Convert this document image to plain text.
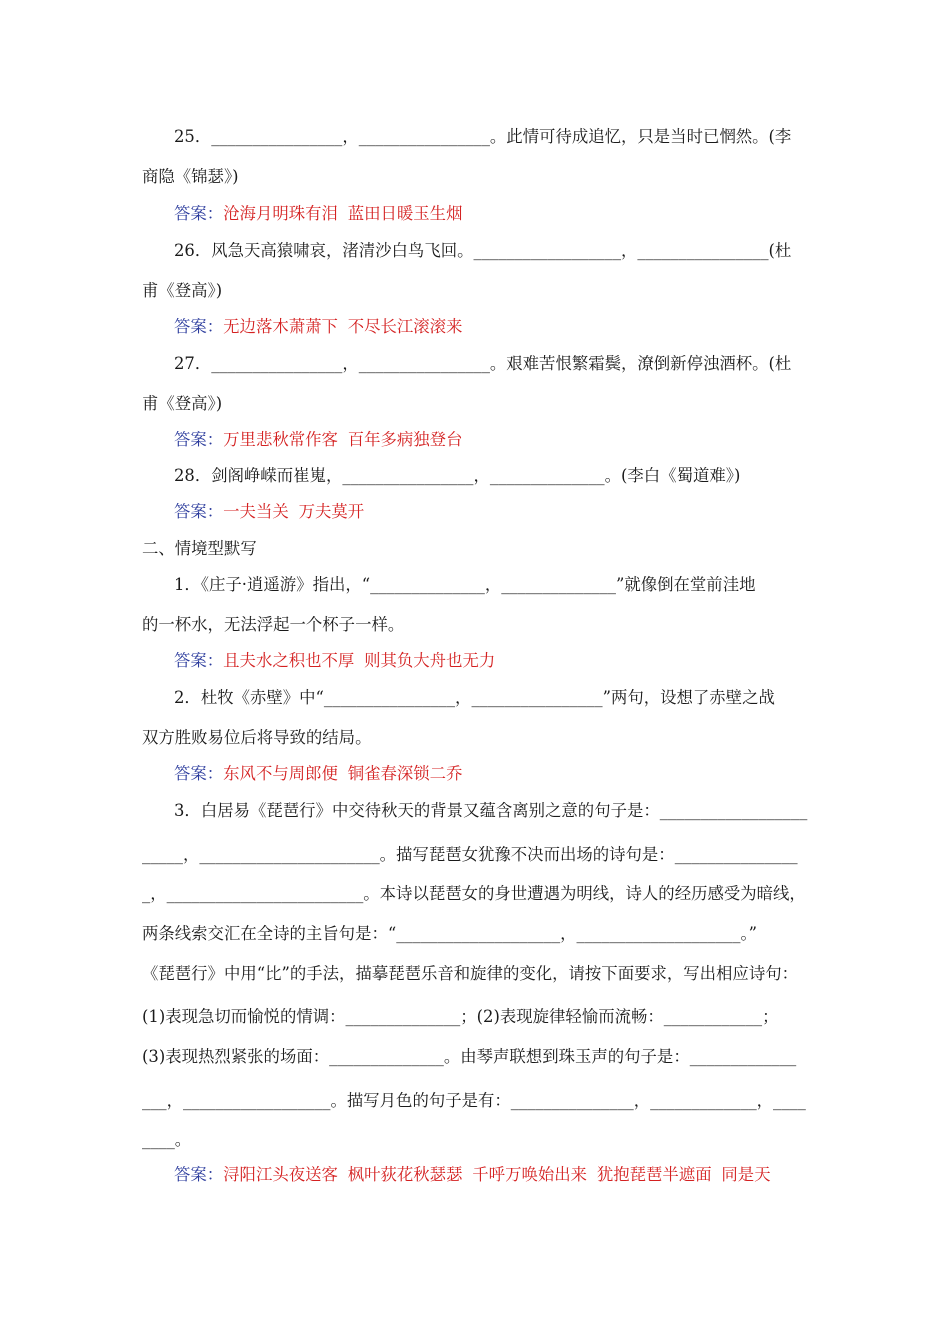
25．________________，________________。此情可待成追忆，只是当时已惘然。(李
商隐《锦瑟》)
答案：沧海月明珠有泪 蓝田日暖玉生烟
26．风急天高猿啸哀，渚清沙白鸟飞回。__________________，________________(杜
甫《登高》)
答案：无边落木萧萧下 不尽长江滚滚来
27．________________，________________。艰难苦恨繁霜鬓，潦倒新停浊酒杯。(杜
甫《登高》)
答案：万里悲秋常作客 百年多病独登台
28．剑阁峥嵘而崔嵬，________________，______________。(李白《蜀道难》)
答案：一夫当关 万夫莫开
二、情境型默写
1．《庄子·逍遥游》指出，“______________，______________”就像倒在堂前洼地
的一杯水，无法浮起一个杯子一样。
答案：且夫水之积也不厚 则其负大舟也无力
2．杜牧《赤壁》中“________________，________________”两句，设想了赤壁之战
双方胜败易位后将导致的结局。
答案：东风不与周郎便 铜雀春深锁二乔
3．白居易《琵琶行》中交待秋天的背景又蕴含离别之意的句子是：__________________
_____，______________________。描写琵琶女犹豫不决而出场的诗句是：_______________
_，________________________。本诗以琵琶女的身世遭遇为明线，诗人的经历感受为暗线，
两条线索交汇在全诗的主旨句是：“____________________，____________________。”
《琵琶行》中用“比”的手法，描摹琵琶乐音和旋律的变化，请按下面要求，写出相应诗句：
(1)表现急切而愉悦的情调：______________；(2)表现旋律轻愉而流畅：____________；
(3)表现热烈紧张的场面：______________。由琴声联想到珠玉声的句子是：_____________
___，__________________。描写月色的句子是有：_______________，_____________，____
____。
答案：浔阳江头夜送客 枫叶荻花秋瑟瑟 千呼万唤始出来 犹抱琵琶半遮面 同是天
